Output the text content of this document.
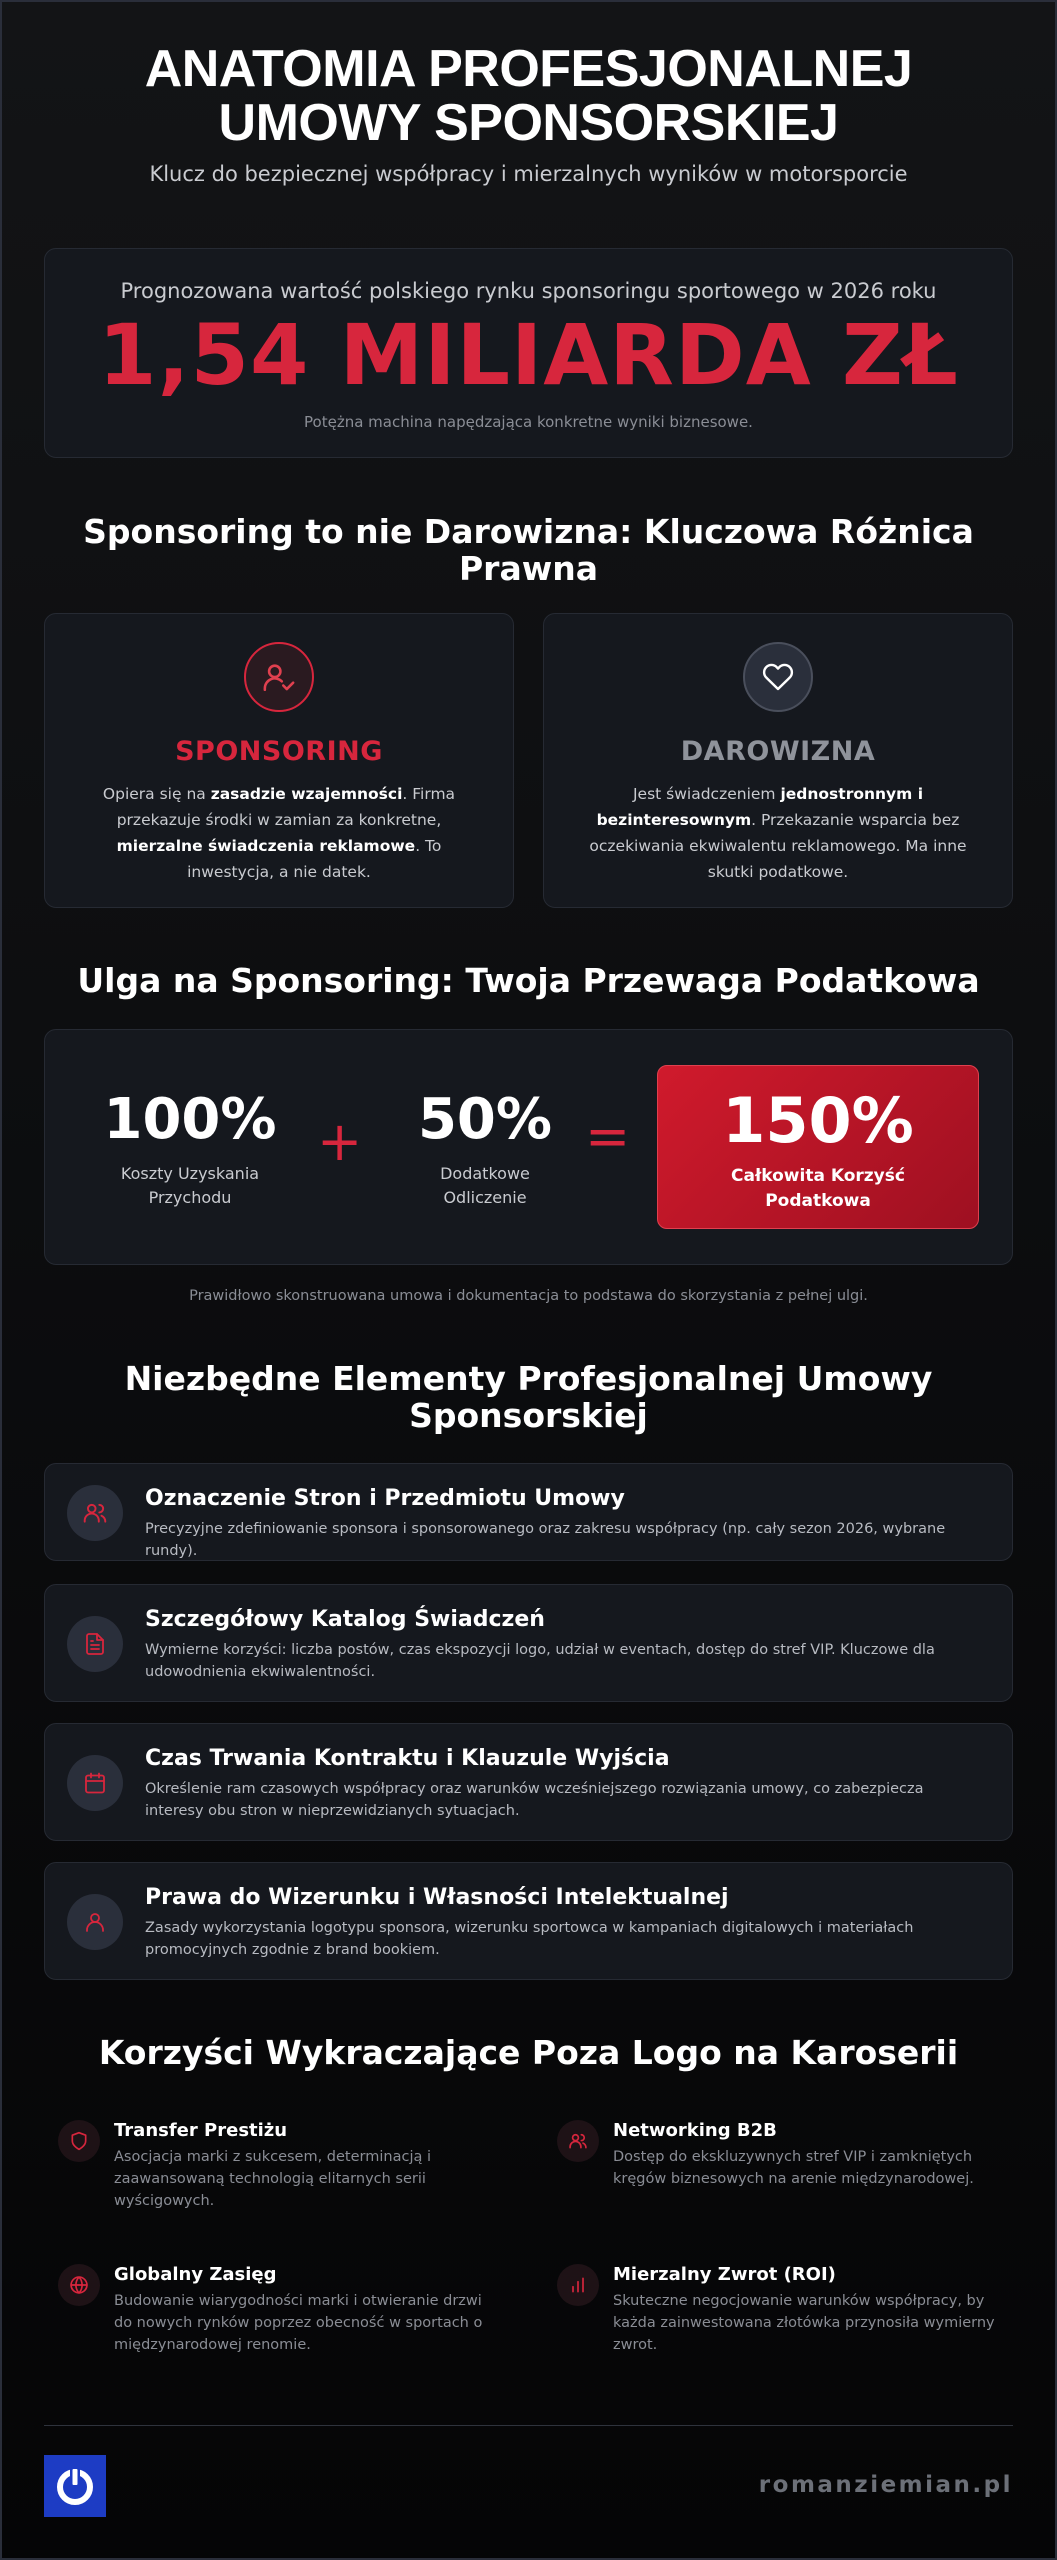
ANATOMIA PROFESJONALNEJ
UMOWY SPONSORSKIEJ
Klucz do bezpiecznej współpracy i mierzalnych wyników w motorsporcie
Prognozowana wartość polskiego rynku sponsoringu sportowego w 2026 roku
1,54 MILIARDA ZŁ
Potężna machina napędzająca konkretne wyniki biznesowe.
Sponsoring to nie Darowizna: Kluczowa Różnica
Prawna
SPONSORING
Opiera się na zasadzie wzajemności. Firma przekazuje środki w zamian za konkretne, mierzalne świadczenia reklamowe. To inwestycja, a nie datek.
DAROWIZNA
Jest świadczeniem jednostronnym i bezinteresownym. Przekazanie wsparcia bez oczekiwania ekwiwalentu reklamowego. Ma inne skutki podatkowe.
Ulga na Sponsoring: Twoja Przewaga Podatkowa
100%
Koszty Uzyskania
Przychodu
+ 50%
Dodatkowe
Odliczenie
=	150%
Całkowita Korzyść
Podatkowa
Prawidłowo skonstruowana umowa i dokumentacja to podstawa do skorzystania z pełnej ulgi.
Niezbędne Elementy Profesjonalnej Umowy
Sponsorskiej
Oznaczenie Stron i Przedmiotu Umowy
Precyzyjne zdefiniowanie sponsora i sponsorowanego oraz zakresu współpracy (np. cały sezon 2026, wybrane rundy).
Szczegółowy Katalog Świadczeń
Wymierne korzyści: liczba postów, czas ekspozycji logo, udział w eventach, dostęp do stref VIP. Kluczowe dla udowodnienia ekwiwalentności.
Czas Trwania Kontraktu i Klauzule Wyjścia
Określenie ram czasowych współpracy oraz warunków wcześniejszego rozwiązania umowy, co zabezpiecza interesy obu stron w nieprzewidzianych sytuacjach.
Prawa do Wizerunku i Własności Intelektualnej
Zasady wykorzystania logotypu sponsora, wizerunku sportowca w kampaniach digitalowych i materiałach promocyjnych zgodnie z brand bookiem.
Korzyści Wykraczające Poza Logo na Karoserii
Transfer Prestiżu
Asocjacja marki z sukcesem, determinacją i zaawansowaną technologią elitarnych serii wyścigowych.
Networking B2B
Dostęp do ekskluzywnych stref VIP i zamkniętych kręgów biznesowych na arenie międzynarodowej.
Globalny Zasięg
Budowanie wiarygodności marki i otwieranie drzwi do nowych rynków poprzez obecność w sportach o międzynarodowej renomie.
Mierzalny Zwrot (ROI)
Skuteczne negocjowanie warunków współpracy, by każda zainwestowana złotówka przynosiła wymierny zwrot.
romanziemian.pl
